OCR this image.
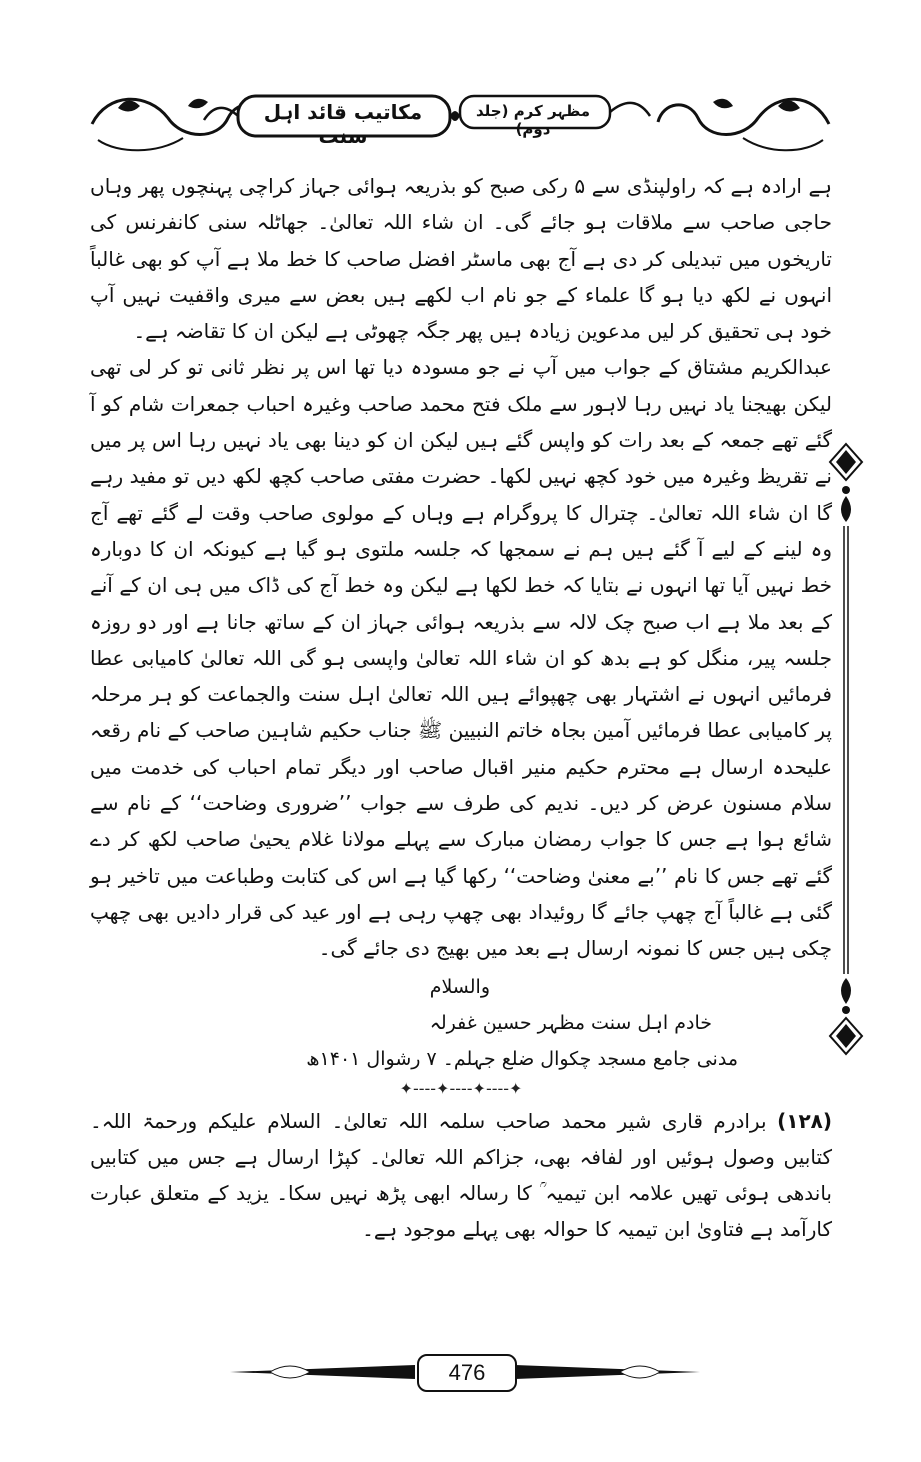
مظہر کرم (جلد دوم)
مکاتیب قائد اہل سنت

ہے ارادہ ہے کہ راولپنڈی سے ۵ رکی صبح کو بذریعہ ہوائی جہاز کراچی پہنچوں پھر وہاں حاجی صاحب سے ملاقات ہو جائے گی۔ ان شاء اللہ تعالیٰ۔ جھاٹلہ سنی کانفرنس کی تاریخوں میں تبدیلی کر دی ہے آج بھی ماسٹر افضل صاحب کا خط ملا ہے آپ کو بھی غالباً انہوں نے لکھ دیا ہو گا علماء کے جو نام اب لکھے ہیں بعض سے میری واقفیت نہیں آپ خود ہی تحقیق کر لیں مدعوین زیادہ ہیں پھر جگہ چھوٹی ہے لیکن ان کا تقاضہ ہے۔

عبدالکریم مشتاق کے جواب میں آپ نے جو مسودہ دیا تھا اس پر نظر ثانی تو کر لی تھی لیکن بھیجنا یاد نہیں رہا لاہور سے ملک فتح محمد صاحب وغیرہ احباب جمعرات شام کو آ گئے تھے جمعہ کے بعد رات کو واپس گئے ہیں لیکن ان کو دینا بھی یاد نہیں رہا اس پر میں نے تقریظ وغیرہ میں خود کچھ نہیں لکھا۔ حضرت مفتی صاحب کچھ لکھ دیں تو مفید رہے گا ان شاء اللہ تعالیٰ۔ چترال کا پروگرام ہے وہاں کے مولوی صاحب وقت لے گئے تھے آج وہ لینے کے لیے آ گئے ہیں ہم نے سمجھا کہ جلسہ ملتوی ہو گیا ہے کیونکہ ان کا دوبارہ خط نہیں آیا تھا انہوں نے بتایا کہ خط لکھا ہے لیکن وہ خط آج کی ڈاک میں ہی ان کے آنے کے بعد ملا ہے اب صبح چک لالہ سے بذریعہ ہوائی جہاز ان کے ساتھ جانا ہے اور دو روزہ جلسہ پیر، منگل کو ہے بدھ کو ان شاء اللہ تعالیٰ واپسی ہو گی اللہ تعالیٰ کامیابی عطا فرمائیں انہوں نے اشتہار بھی چھپوائے ہیں اللہ تعالیٰ اہل سنت والجماعت کو ہر مرحلہ پر کامیابی عطا فرمائیں آمین بجاہ خاتم النبیین ﷺ جناب حکیم شاہین صاحب کے نام رقعہ علیحدہ ارسال ہے محترم حکیم منیر اقبال صاحب اور دیگر تمام احباب کی خدمت میں سلام مسنون عرض کر دیں۔ ندیم کی طرف سے جواب ’’ضروری وضاحت‘‘ کے نام سے شائع ہوا ہے جس کا جواب رمضان مبارک سے پہلے مولانا غلام یحییٰ صاحب لکھ کر دے گئے تھے جس کا نام ’’بے معنیٰ وضاحت‘‘ رکھا گیا ہے اس کی کتابت وطباعت میں تاخیر ہو گئی ہے غالباً آج چھپ جائے گا روئیداد بھی چھپ رہی ہے اور عید کی قرار دادیں بھی چھپ چکی ہیں جس کا نمونہ ارسال ہے بعد میں بھیج دی جائے گی۔

والسلام
خادم اہل سنت مظہر حسین غفرلہ
مدنی جامع مسجد چکوال ضلع جہلم۔ ۷ رشوال ۱۴۰۱ھ
✦----✦----✦----✦

(۱۲۸) برادرم قاری شیر محمد صاحب سلمہ اللہ تعالیٰ۔ السلام علیکم ورحمۃ اللہ۔ کتابیں وصول ہوئیں اور لفافہ بھی، جزاکم اللہ تعالیٰ۔ کپڑا ارسال ہے جس میں کتابیں باندھی ہوئی تھیں علامہ ابن تیمیہ ؒ کا رسالہ ابھی پڑھ نہیں سکا۔ یزید کے متعلق عبارت کارآمد ہے فتاویٰ ابن تیمیہ کا حوالہ بھی پہلے موجود ہے۔

476
